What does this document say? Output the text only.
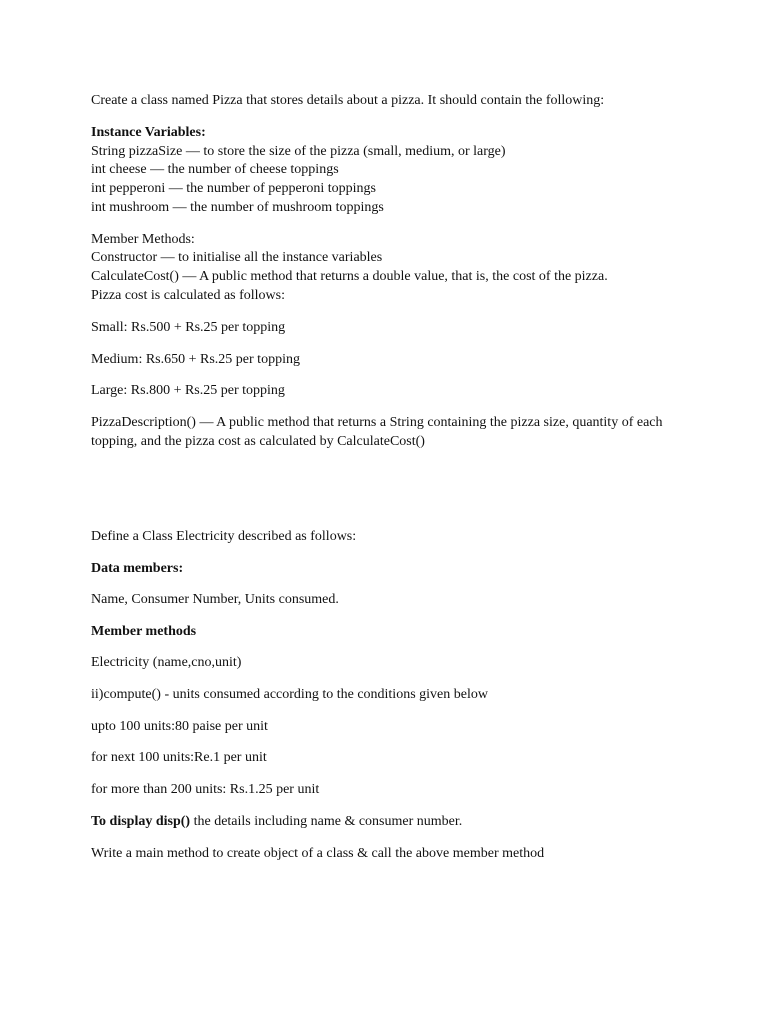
Create a class named Pizza that stores details about a pizza. It should contain the following:
Instance Variables:
String pizzaSize — to store the size of the pizza (small, medium, or large)
int cheese — the number of cheese toppings
int pepperoni — the number of pepperoni toppings
int mushroom — the number of mushroom toppings
Member Methods:
Constructor — to initialise all the instance variables
CalculateCost() — A public method that returns a double value, that is, the cost of the pizza.
Pizza cost is calculated as follows:
Small: Rs.500 + Rs.25 per topping
Medium: Rs.650 + Rs.25 per topping
Large: Rs.800 + Rs.25 per topping
PizzaDescription() — A public method that returns a String containing the pizza size, quantity of each topping, and the pizza cost as calculated by CalculateCost()
Define a Class Electricity described as follows:
Data members:
Name, Consumer Number, Units consumed.
Member methods
Electricity (name,cno,unit)
ii)compute() - units consumed according to the conditions given below
upto 100 units:80 paise per unit
for next 100 units:Re.1 per unit
for more than 200 units: Rs.1.25 per unit
To display disp() the details including name & consumer number.
Write a main method to create object of a class & call the above member method
